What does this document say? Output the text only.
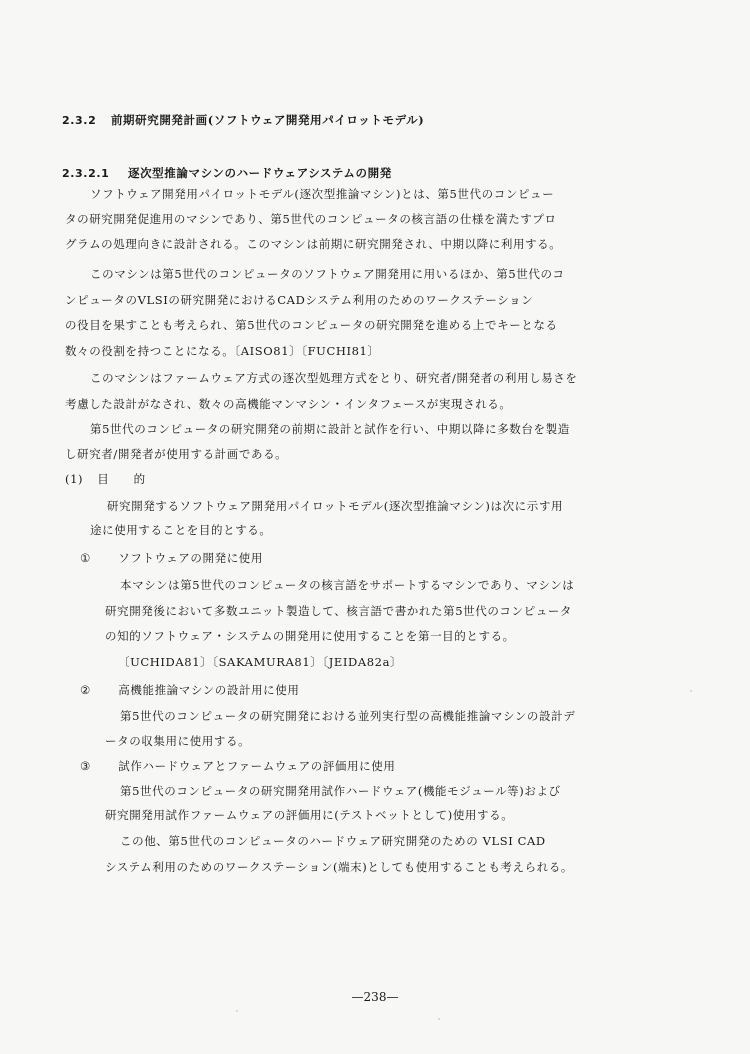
2.3.2 前期研究開発計画(ソフトウェア開発用パイロットモデル)
2.3.2.1 逐次型推論マシンのハードウェアシステムの開発
ソフトウェア開発用パイロットモデル(逐次型推論マシン)とは、第5世代のコンピュー
タの研究開発促進用のマシンであり、第5世代のコンピュータの核言語の仕様を満たすプロ
グラムの処理向きに設計される。このマシンは前期に研究開発され、中期以降に利用する。
このマシンは第5世代のコンピュータのソフトウェア開発用に用いるほか、第5世代のコ
ンピュータのVLSIの研究開発におけるCADシステム利用のためのワークステーション
の役目を果すことも考えられ、第5世代のコンピュータの研究開発を進める上でキーとなる
数々の役割を持つことになる。〔AISO81〕〔FUCHI81〕
このマシンはファームウェア方式の逐次型処理方式をとり、研究者/開発者の利用し易さを
考慮した設計がなされ、数々の高機能マンマシン・インタフェースが実現される。
第5世代のコンピュータの研究開発の前期に設計と試作を行い、中期以降に多数台を製造
し研究者/開発者が使用する計画である。
(1) 目　　的
研究開発するソフトウェア開発用パイロットモデル(逐次型推論マシン)は次に示す用
途に使用することを目的とする。
① ソフトウェアの開発に使用
本マシンは第5世代のコンピュータの核言語をサポートするマシンであり、マシンは
研究開発後において多数ユニット製造して、核言語で書かれた第5世代のコンピュータ
の知的ソフトウェア・システムの開発用に使用することを第一目的とする。
〔UCHIDA81〕〔SAKAMURA81〕〔JEIDA82a〕
② 高機能推論マシンの設計用に使用
第5世代のコンピュータの研究開発における並列実行型の高機能推論マシンの設計デ
ータの収集用に使用する。
③ 試作ハードウェアとファームウェアの評価用に使用
第5世代のコンピュータの研究開発用試作ハードウェア(機能モジュール等)および
研究開発用試作ファームウェアの評価用に(テストベットとして)使用する。
この他、第5世代のコンピュータのハードウェア研究開発のための VLSI CAD
システム利用のためのワークステーション(端末)としても使用することも考えられる。
—238—
